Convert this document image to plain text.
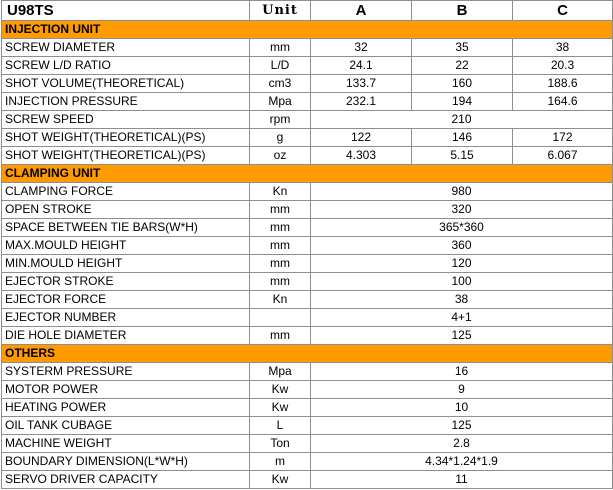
U98TS	Unit	A	B	C
INJECTION UNIT				
SCREW DIAMETER	mm	32	35	38
SCREW L/D RATIO	L/D	24.1	22	20.3
SHOT VOLUME(THEORETICAL)	cm3	133.7	160	188.6
INJECTION PRESSURE	Mpa	232.1	194	164.6
SCREW SPEED	rpm	210		
SHOT WEIGHT(THEORETICAL)(PS)	g	122	146	172
SHOT WEIGHT(THEORETICAL)(PS)	oz	4.303	5.15	6.067
CLAMPING UNIT				
CLAMPING FORCE	Kn	980		
OPEN STROKE	mm	320		
SPACE BETWEEN TIE BARS(W*H)	mm	365*360		
MAX.MOULD HEIGHT	mm	360		
MIN.MOULD HEIGHT	mm	120		
EJECTOR STROKE	mm	100		
EJECTOR FORCE	Kn	38		
EJECTOR NUMBER		4+1		
DIE HOLE DIAMETER	mm	125		
OTHERS				
SYSTERM PRESSURE	Mpa	16		
MOTOR POWER	Kw	9		
HEATING POWER	Kw	10		
OIL TANK CUBAGE	L	125		
MACHINE WEIGHT	Ton	2.8		
BOUNDARY DIMENSION(L*W*H)	m	4.34*1.24*1.9		
SERVO DRIVER CAPACITY	Kw	11		
